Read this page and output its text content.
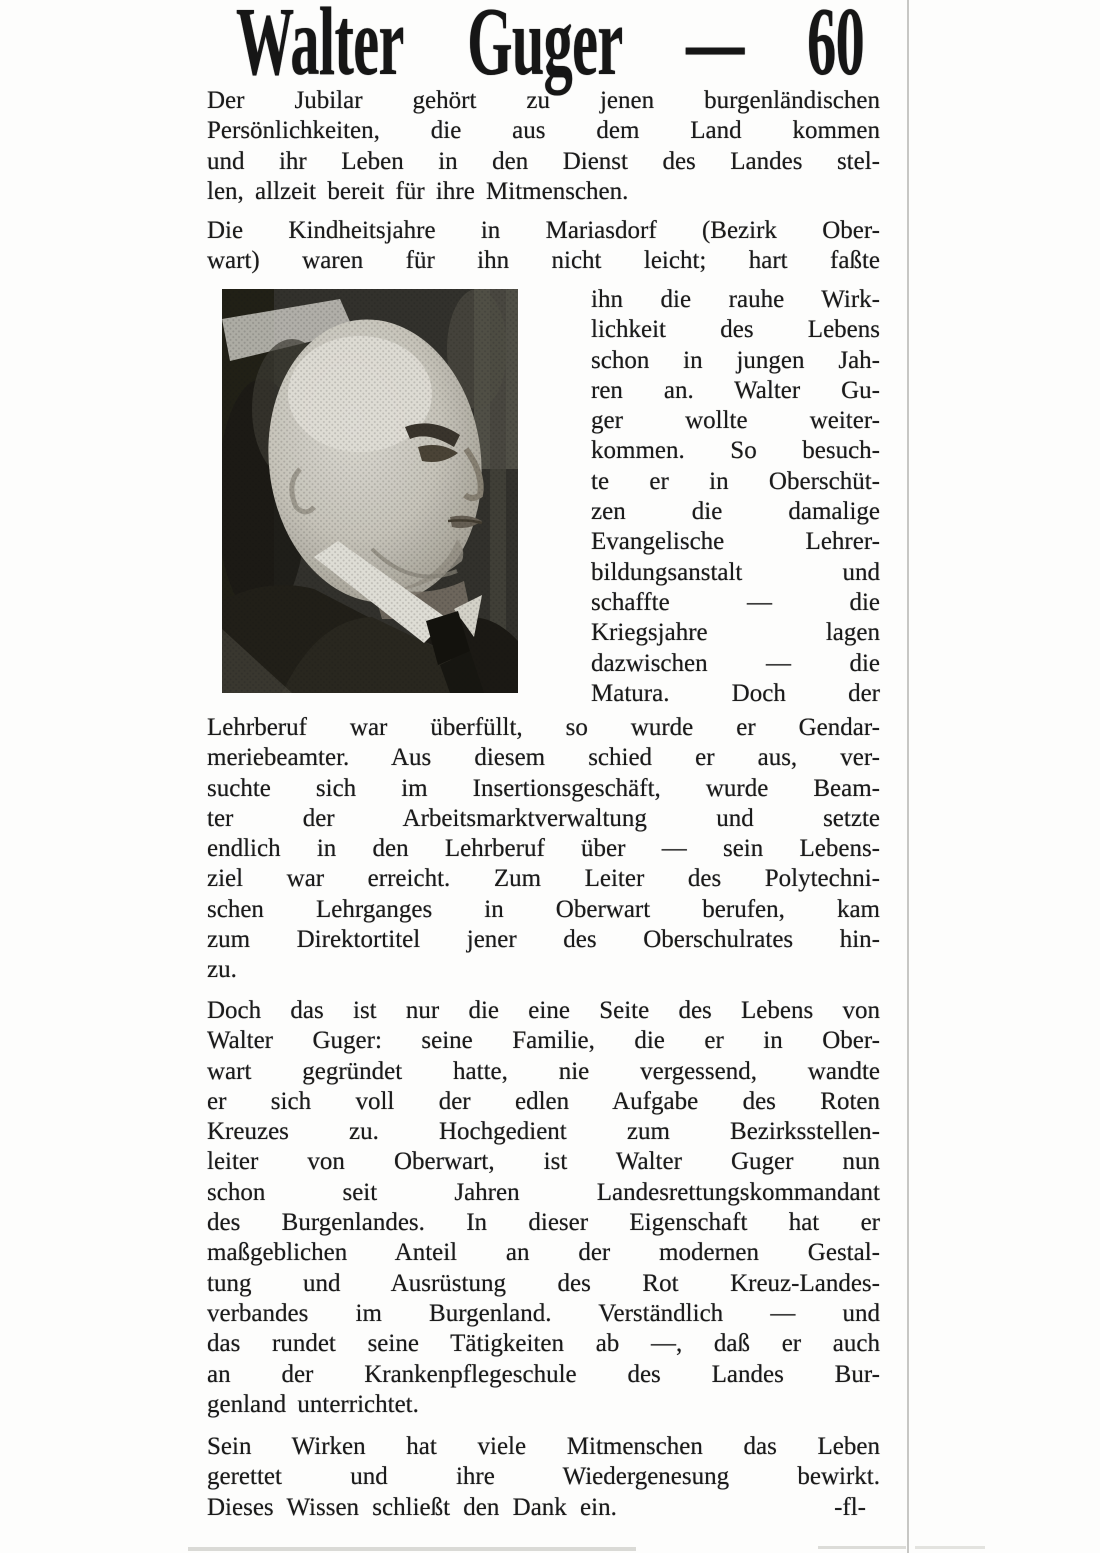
Walter Guger — 60
Der Jubilar gehört zu jenen burgenländischen
Persönlichkeiten, die aus dem Land kommen
und ihr Leben in den Dienst des Landes stel-
len, allzeit bereit für ihre Mitmenschen.
Die Kindheitsjahre in Mariasdorf (Bezirk Ober-
wart) waren für ihn nicht leicht; hart faßte
ihn die rauhe Wirk-
lichkeit des Lebens
schon in jungen Jah-
ren an. Walter Gu-
ger wollte weiter-
kommen. So besuch-
te er in Oberschüt-
zen die damalige
Evangelische Lehrer-
bildungsanstalt und
schaffte — die
Kriegsjahre lagen
dazwischen — die
Matura. Doch der
Lehrberuf war überfüllt, so wurde er Gendar-
meriebeamter. Aus diesem schied er aus, ver-
suchte sich im Insertionsgeschäft, wurde Beam-
ter der Arbeitsmarktverwaltung und setzte
endlich in den Lehrberuf über — sein Lebens-
ziel war erreicht. Zum Leiter des Polytechni-
schen Lehrganges in Oberwart berufen, kam
zum Direktortitel jener des Oberschulrates hin-
zu.
Doch das ist nur die eine Seite des Lebens von
Walter Guger: seine Familie, die er in Ober-
wart gegründet hatte, nie vergessend, wandte
er sich voll der edlen Aufgabe des Roten
Kreuzes zu. Hochgedient zum Bezirksstellen-
leiter von Oberwart, ist Walter Guger nun
schon seit Jahren Landesrettungskommandant
des Burgenlandes. In dieser Eigenschaft hat er
maßgeblichen Anteil an der modernen Gestal-
tung und Ausrüstung des Rot Kreuz-Landes-
verbandes im Burgenland. Verständlich — und
das rundet seine Tätigkeiten ab —, daß er auch
an der Krankenpflegeschule des Landes Bur-
genland unterrichtet.
Sein Wirken hat viele Mitmenschen das Leben
gerettet und ihre Wiedergenesung bewirkt.
Dieses Wissen schließt den Dank ein.	-fl-
